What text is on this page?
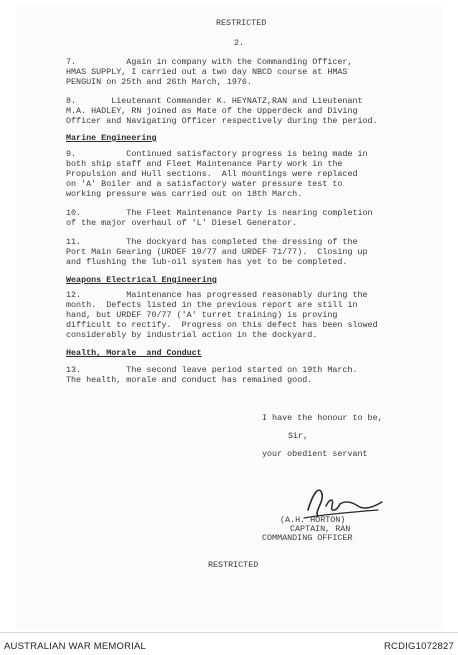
RESTRICTED
2.
7.          Again in company with the Commanding Officer,
HMAS SUPPLY, I carried out a two day NBCD course at HMAS
PENGUIN on 25th and 26th March, 1976.
8.       Lieutenant Commander K. HEYNATZ,RAN and Lieutenant
M.A. HADLEY, RN joined as Mate of the Upperdeck and Diving
Officer and Navigating Officer respectively during the period.
Marine Engineering
9.          Continued satisfactory progress is being made in
both ship staff and Fleet Maintenance Party work in the
Propulsion and Hull sections.  All mountings were replaced
on 'A' Boiler and a satisfactory water pressure test to
working pressure was carried out on 18th March.
10.         The Fleet Maintenance Party is nearing completion
of the major overhaul of 'L' Diesel Generator.
11.         The dockyard has completed the dressing of the
Port Main Gearing (URDEF 19/77 and URDEF 71/77).  Closing up
and flushing the lub-oil system has yet to be completed.
Weapons Electrical Engineering
12.         Maintenance has progressed reasonably during the
month.  Defects listed in the previous report are still in
hand, but URDEF 70/77 ('A' turret training) is proving
difficult to rectify.  Progress on this defect has been slowed
considerably by industrial action in the dockyard.
Health, Morale  and Conduct
13.         The second leave period started on 19th March.
The health, morale and conduct has remained good.
I have the honour to be,
Sir,
your obedient servant
(A.H. HORTON)
CAPTAIN, RAN
COMMANDING OFFICER
RESTRICTED
AUSTRALIAN WAR MEMORIAL	RCDIG1072827
